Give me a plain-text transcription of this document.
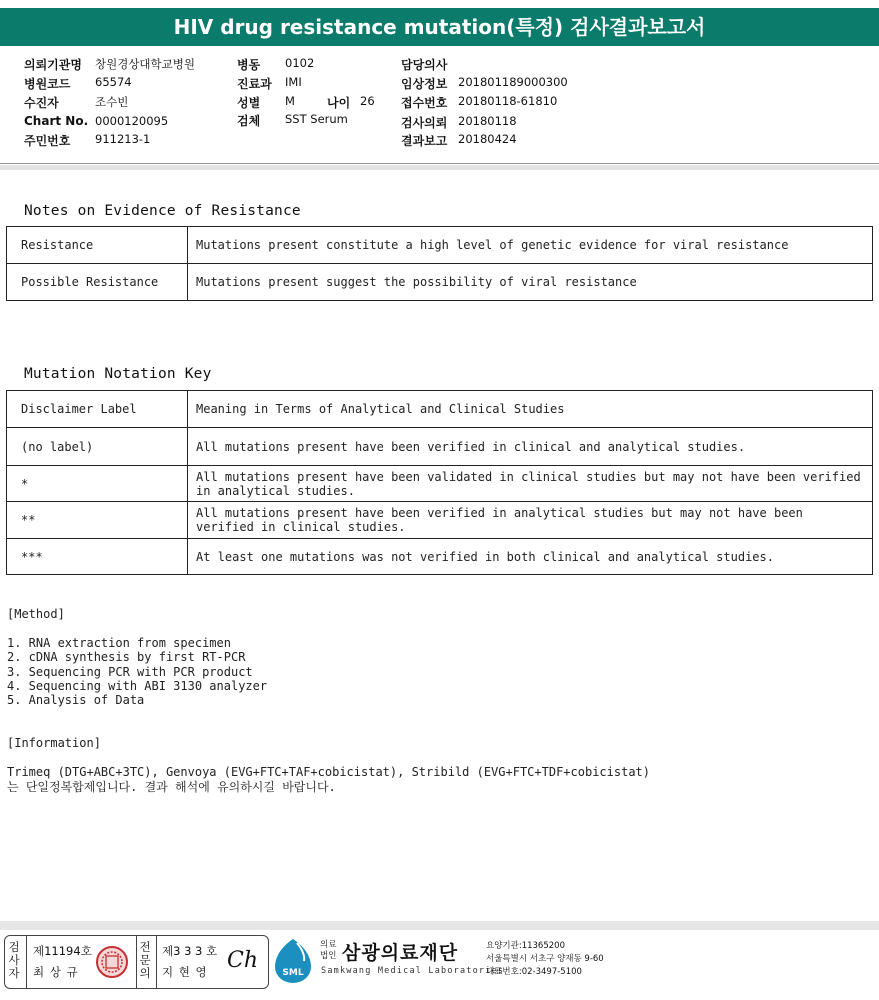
HIV drug resistance mutation(특정) 검사결과보고서
의뢰기관명 창원경상대학교병원
병원코드 65574
수진자	조수빈
Chart No. 0000120095
주민번호 911213-1
병동 0102
진료과 IMI
성별 M	나이 26
검체 SST Serum
담당의사
임상정보 201801189000300
접수번호 20180118-61810
검사의뢰 20180118
결과보고 20180424
Notes on Evidence of Resistance
Resistance	Mutations present constitute a high level of genetic evidence for viral resistance
Possible Resistance	Mutations present suggest the possibility of viral resistance
Mutation Notation Key
Disclaimer Label	Meaning in Terms of Analytical and Clinical Studies
(no label)	All mutations present have been verified in clinical and analytical studies.
*	All mutations present have been validated in clinical studies but may not have been verified in analytical studies.
**	All mutations present have been verified in analytical studies but may not have been verified in clinical studies.
***	At least one mutations was not verified in both clinical and analytical studies.
[Method]
1. RNA extraction from specimen
2. cDNA synthesis by first RT-PCR
3. Sequencing PCR with PCR product
4. Sequencing with ABI 3130 analyzer
5. Analysis of Data
[Information]
Trimeq (DTG+ABC+3TC), Genvoya (EVG+FTC+TAF+cobicistat), Stribild (EVG+FTC+TDF+cobicistat)
는 단일정복합제입니다. 결과 해석에 유의하시길 바랍니다.
검사자
제11194호
최 상 규
전문의
제3 3 3 호
지 현 영 Ch	SML
의료
법인 삼광의료재단
Samkwang Medical Laboratories
요양기관:11365200
서울특별시 서초구 양재동 9-60
대표번호:02-3497-5100
